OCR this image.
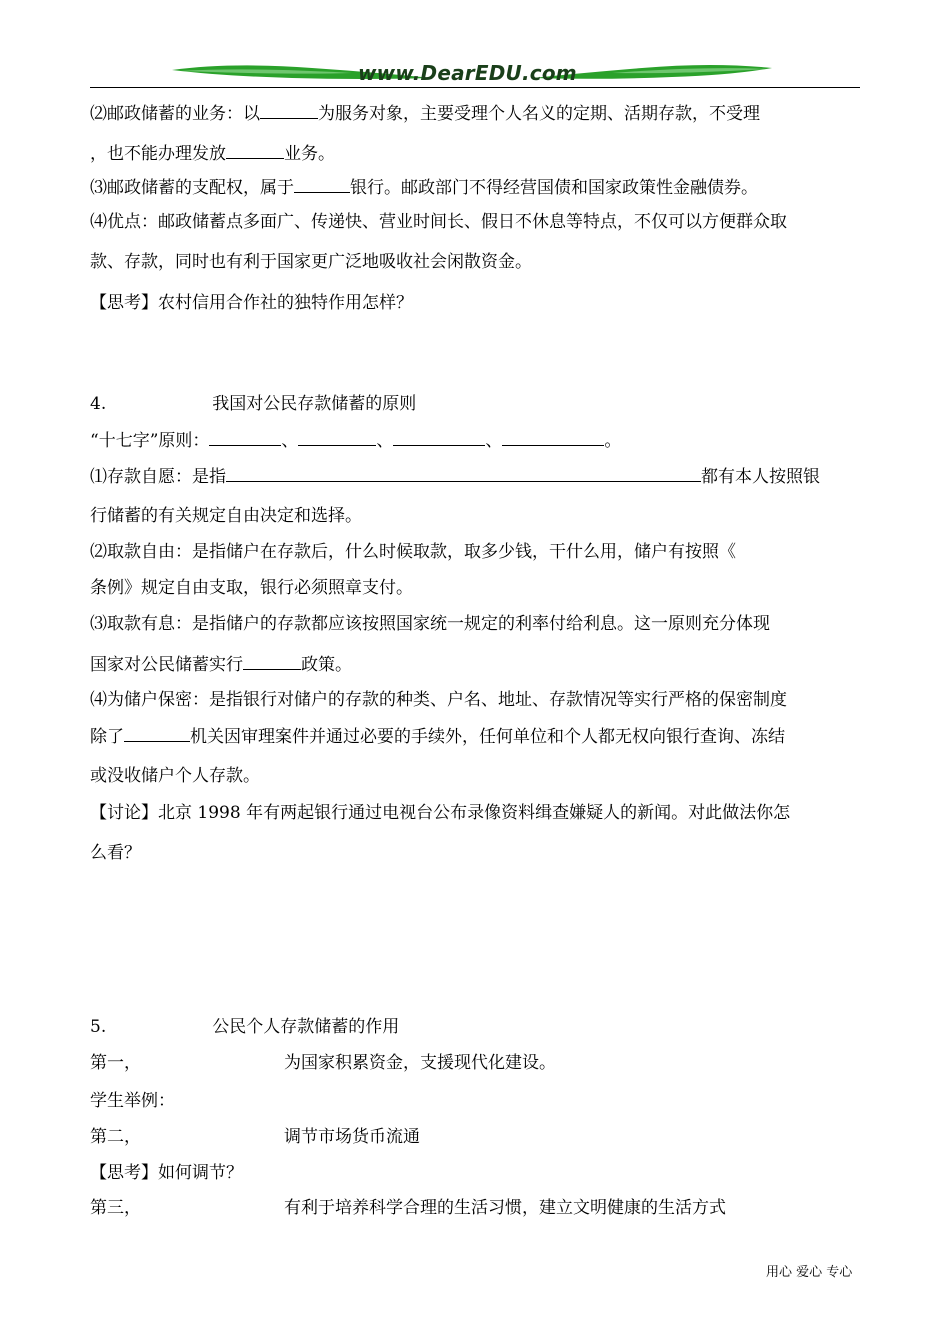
www.DearEDU.com
⑵邮政储蓄的业务：以	为服务对象，主要受理个人名义的定期、活期存款，不受理
，也不能办理发放	业务。
⑶邮政储蓄的支配权，属于	银行。邮政部门不得经营国债和国家政策性金融债券。
⑷优点：邮政储蓄点多面广、传递快、营业时间长、假日不休息等特点，不仅可以方便群众取
款、存款，同时也有利于国家更广泛地吸收社会闲散资金。
【思考】农村信用合作社的独特作用怎样？
4.	我国对公民存款储蓄的原则
“十七字”原则：	、	、	、	。
⑴存款自愿：是指	都有本人按照银
行储蓄的有关规定自由决定和选择。
⑵取款自由：是指储户在存款后，什么时候取款，取多少钱，干什么用，储户有按照《
条例》规定自由支取，银行必须照章支付。
⑶取款有息：是指储户的存款都应该按照国家统一规定的利率付给利息。这一原则充分体现
国家对公民储蓄实行	政策。
⑷为储户保密：是指银行对储户的存款的种类、户名、地址、存款情况等实行严格的保密制度
除了	机关因审理案件并通过必要的手续外，任何单位和个人都无权向银行查询、冻结
或没收储户个人存款。
【讨论】北京 1998 年有两起银行通过电视台公布录像资料缉查嫌疑人的新闻。对此做法你怎
么看？
5.	公民个人存款储蓄的作用
第一，	为国家积累资金，支援现代化建设。
学生举例：
第二，	调节市场货币流通
【思考】如何调节？
第三，	有利于培养科学合理的生活习惯，建立文明健康的生活方式
用心 爱心 专心
